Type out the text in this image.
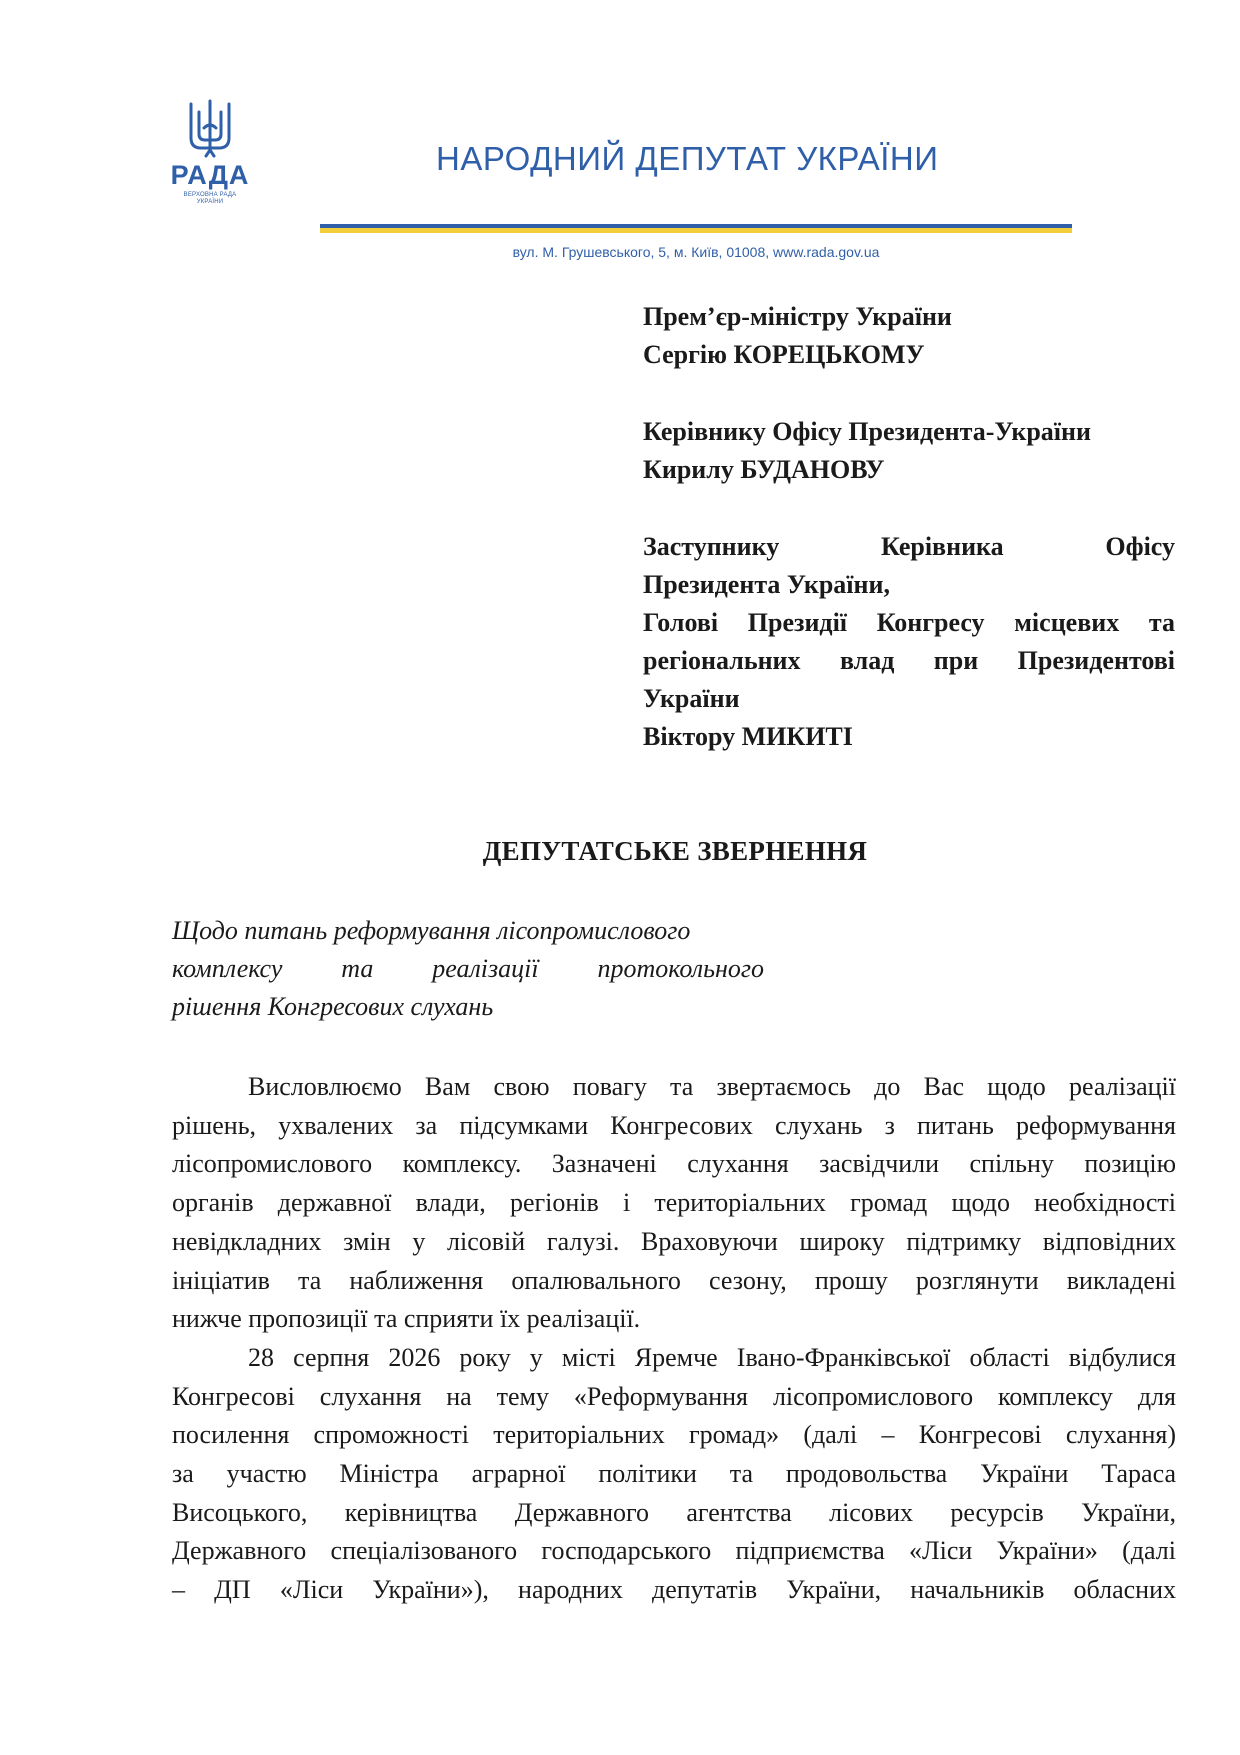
РАДА
ВЕРХОВНА РАДА
УКРАЇНИ
НАРОДНИЙ ДЕПУТАТ УКРАЇНИ
вул. М. Грушевського, 5, м. Київ, 01008, www.rada.gov.ua
Прем’єр-міністру України
Сергію КОРЕЦЬКОМУ
Керівнику Офісу Президента-України
Кирилу БУДАНОВУ
Заступнику Керівника Офісу
Президента України,
Голові Президії Конгресу місцевих та
регіональних влад при Президентові
України
Віктору МИКИТІ
ДЕПУТАТСЬКЕ ЗВЕРНЕННЯ
Щодо питань реформування лісопромислового
комплексу та реалізації протокольного
рішення Конгресових слухань
Висловлюємо Вам свою повагу та звертаємось до Вас щодо реалізації
рішень, ухвалених за підсумками Конгресових слухань з питань реформування
лісопромислового комплексу. Зазначені слухання засвідчили спільну позицію
органів державної влади, регіонів і територіальних громад щодо необхідності
невідкладних змін у лісовій галузі. Враховуючи широку підтримку відповідних
ініціатив та наближення опалювального сезону, прошу розглянути викладені
нижче пропозиції та сприяти їх реалізації.
28 серпня 2026 року у місті Яремче Івано-Франківської області відбулися
Конгресові слухання на тему «Реформування лісопромислового комплексу для
посилення спроможності територіальних громад» (далі – Конгресові слухання)
за участю Міністра аграрної політики та продовольства України Тараса
Висоцького, керівництва Державного агентства лісових ресурсів України,
Державного спеціалізованого господарського підприємства «Ліси України» (далі
– ДП «Ліси України»), народних депутатів України, начальників обласних
